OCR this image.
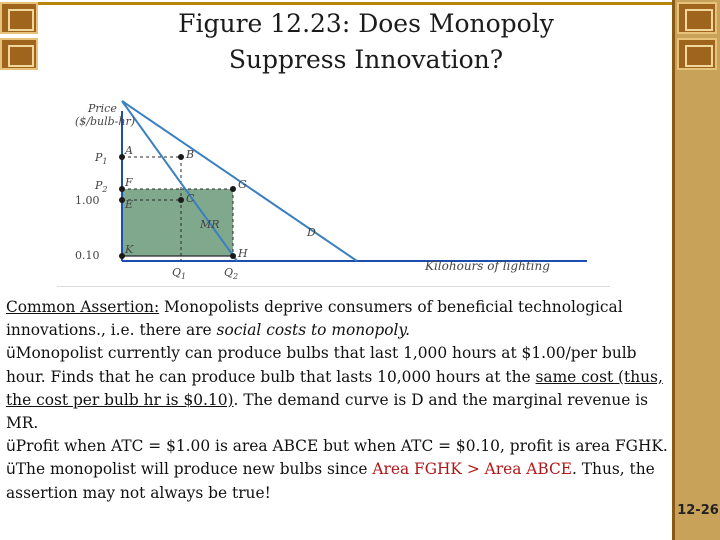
12-26
Figure 12.23: Does Monopoly
Suppress Innovation?
Price
($/bulb-hr)
Kilohours of lighting
$P_1$
$P_2$
1.00
0.10
$Q_1$	$Q_2$
A	B
F	G
C
E
K	H
MR
D

Common Assertion: Monopolists deprive consumers of beneficial technological innovations., i.e. there are social costs to monopoly.

üMonopolist currently can produce bulbs that last 1,000 hours at $1.00/per bulb hour. Finds that he can produce bulb that lasts 10,000 hours at the same cost (thus, the cost per bulb hr is $0.10). The demand curve is D and the marginal revenue is MR.

üProfit when ATC = $1.00 is area ABCE but when ATC = $0.10, profit is area FGHK.

üThe monopolist will produce new bulbs since Area FGHK > Area ABCE. Thus, the assertion may not always be true!
